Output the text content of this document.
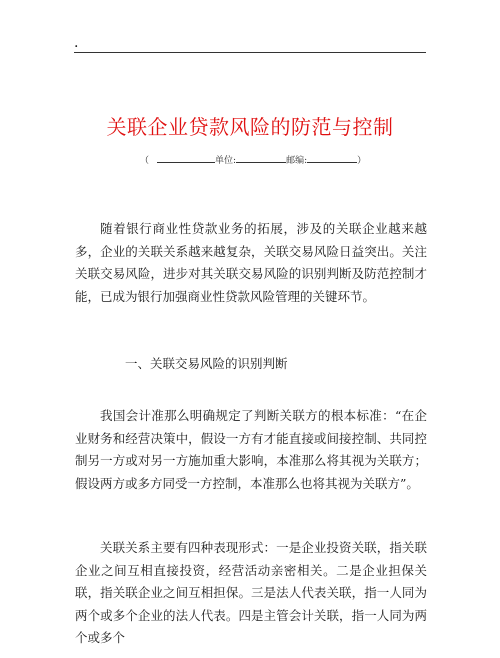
.
关联企业贷款风险的防范与控制
（	单位:	邮编:	）

随着银行商业性贷款业务的拓展，涉及的关联企业越来越多，企业的关联关系越来越复杂，关联交易风险日益突出。关注关联交易风险，进步对其关联交易风险的识别判断及防范控制才能，已成为银行加强商业性贷款风险管理的关键环节。

一、关联交易风险的识别判断

我国会计准那么明确规定了判断关联方的根本标准：“在企业财务和经营决策中，假设一方有才能直接或间接控制、共同控制另一方或对另一方施加重大影响，本准那么将其视为关联方；假设两方或多方同受一方控制，本准那么也将其视为关联方”。

关联关系主要有四种表现形式：一是企业投资关联，指关联企业之间互相直接投资，经营活动亲密相关。二是企业担保关联，指关联企业之间互相担保。三是法人代表关联，指一人同为两个或多个企业的法人代表。四是主管会计关联，指一人同为两个或多个
